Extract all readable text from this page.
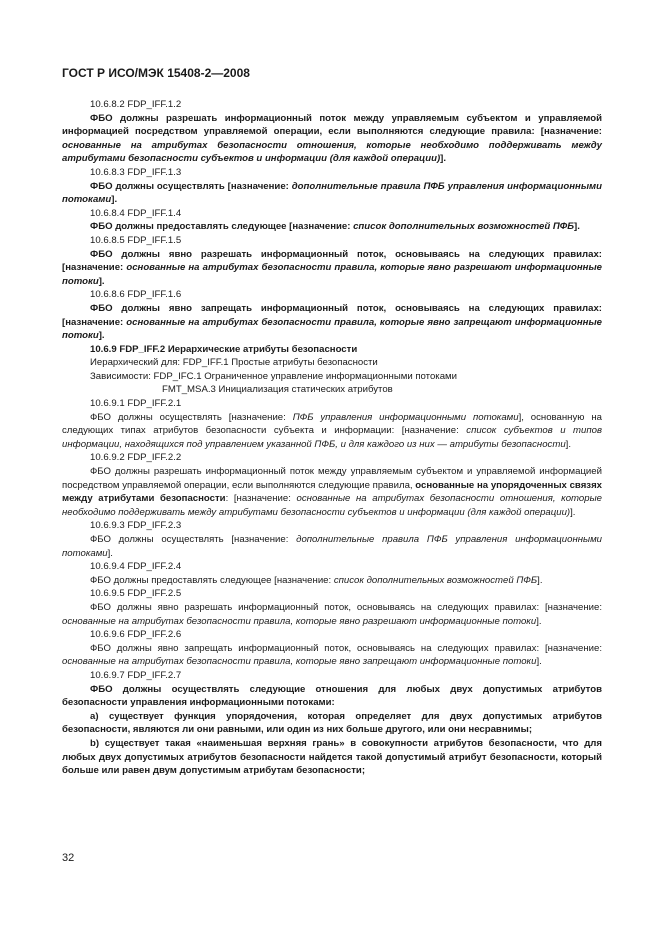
ГОСТ Р ИСО/МЭК 15408-2—2008

10.6.8.2 FDP_IFF.1.2

ФБО должны разрешать информационный поток между управляемым субъектом и управляемой информацией посредством управляемой операции, если выполняются следующие правила: [назначение: основанные на атрибутах безопасности отношения, которые необходимо поддерживать между атрибутами безопасности субъектов и информации (для каждой операции)].

10.6.8.3 FDP_IFF.1.3

ФБО должны осуществлять [назначение: дополнительные правила ПФБ управления информационными потоками].

10.6.8.4 FDP_IFF.1.4

ФБО должны предоставлять следующее [назначение: список дополнительных возможностей ПФБ].

10.6.8.5 FDP_IFF.1.5

ФБО должны явно разрешать информационный поток, основываясь на следующих правилах: [назначение: основанные на атрибутах безопасности правила, которые явно разрешают информационные потоки].

10.6.8.6 FDP_IFF.1.6

ФБО должны явно запрещать информационный поток, основываясь на следующих правилах: [назначение: основанные на атрибутах безопасности правила, которые явно запрещают информационные потоки].

10.6.9 FDP_IFF.2 Иерархические атрибуты безопасности

Иерархический для: FDP_IFF.1 Простые атрибуты безопасности

Зависимости: FDP_IFC.1 Ограниченное управление информационными потоками

FMT_MSA.3 Инициализация статических атрибутов

10.6.9.1 FDP_IFF.2.1

ФБО должны осуществлять [назначение: ПФБ управления информационными потоками], основанную на следующих типах атрибутов безопасности субъекта и информации: [назначение: список субъектов и типов информации, находящихся под управлением указанной ПФБ, и для каждого из них — атрибуты безопасности].

10.6.9.2 FDP_IFF.2.2

ФБО должны разрешать информационный поток между управляемым субъектом и управляемой информацией посредством управляемой операции, если выполняются следующие правила, основанные на упорядоченных связях между атрибутами безопасности: [назначение: основанные на атрибутах безопасности отношения, которые необходимо поддерживать между атрибутами безопасности субъектов и информации (для каждой операции)].

10.6.9.3 FDP_IFF.2.3

ФБО должны осуществлять [назначение: дополнительные правила ПФБ управления информационными потоками].

10.6.9.4 FDP_IFF.2.4

ФБО должны предоставлять следующее [назначение: список дополнительных возможностей ПФБ].

10.6.9.5 FDP_IFF.2.5

ФБО должны явно разрешать информационный поток, основываясь на следующих правилах: [назначение: основанные на атрибутах безопасности правила, которые явно разрешают информационные потоки].

10.6.9.6 FDP_IFF.2.6

ФБО должны явно запрещать информационный поток, основываясь на следующих правилах: [назначение: основанные на атрибутах безопасности правила, которые явно запрещают информационные потоки].

10.6.9.7 FDP_IFF.2.7

ФБО должны осуществлять следующие отношения для любых двух допустимых атрибутов безопасности управления информационными потоками:

a) существует функция упорядочения, которая определяет для двух допустимых атрибутов безопасности, являются ли они равными, или один из них больше другого, или они несравнимы;

b) существует такая «наименьшая верхняя грань» в совокупности атрибутов безопасности, что для любых двух допустимых атрибутов безопасности найдется такой допустимый атрибут безопасности, который больше или равен двум допустимым атрибутам безопасности;

32
